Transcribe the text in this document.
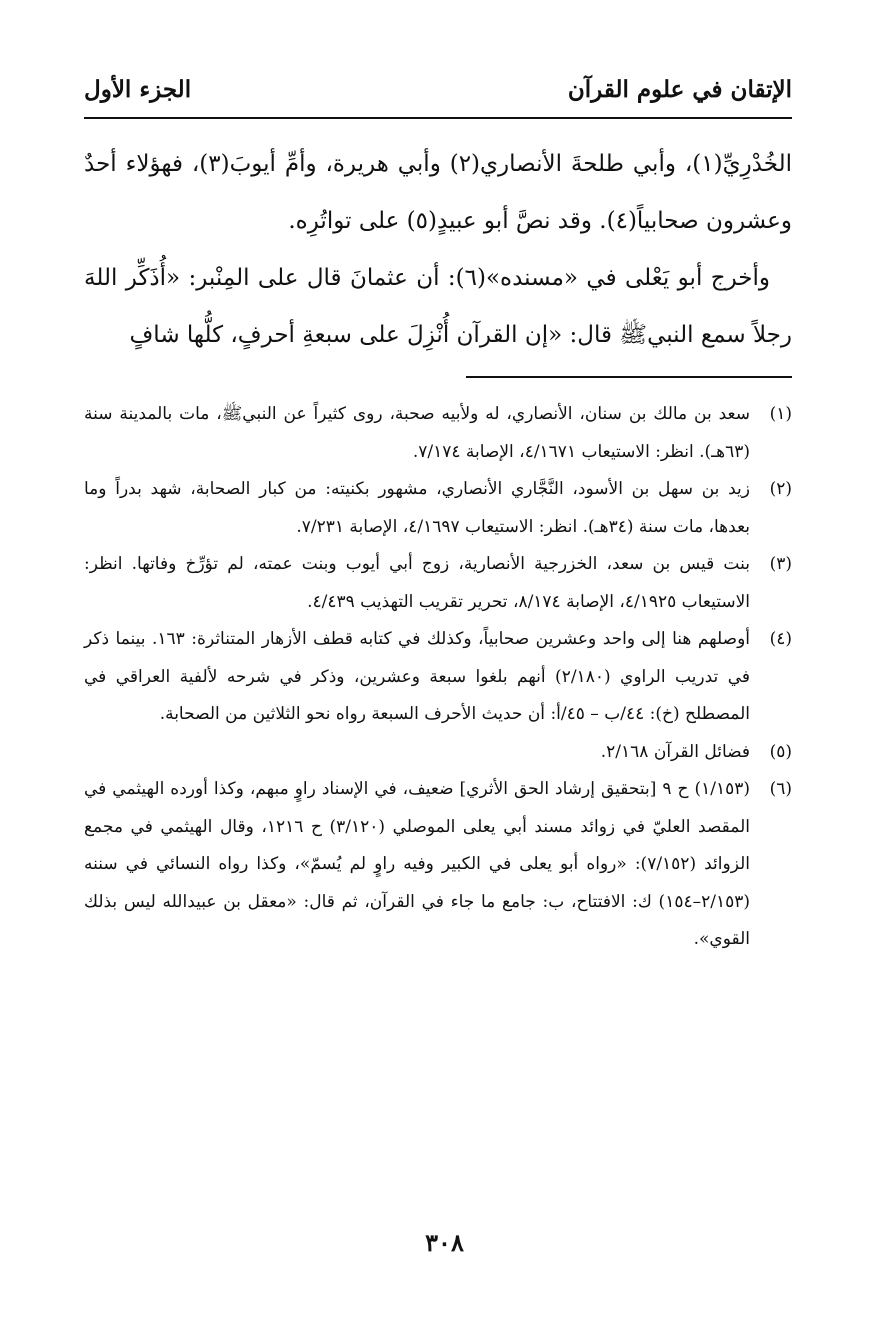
الإتقان في علوم القرآن
الجزء الأول

الخُدْرِيِّ(١)، وأبي طلحةَ الأنصاري(٢) وأبي هريرة، وأمِّ أيوبَ(٣)، فهؤلاء أحدٌ وعشرون صحابياً(٤). وقد نصَّ أبو عبيدٍ(٥) على تواتُرِه.

وأخرج أبو يَعْلى في «مسنده»(٦): أن عثمانَ قال على المِنْبر: «أُذَكِّر اللهَ رجلاً سمع النبيﷺ قال: «إن القرآن أُنْزِلَ على سبعةِ أحرفٍ، كلُّها شافٍ

(١)
سعد بن مالك بن سنان، الأنصاري، له ولأبيه صحبة، روى كثيراً عن النبيﷺ، مات بالمدينة سنة (٦٣هـ). انظر: الاستيعاب ٤/١٦٧١، الإصابة ٧/١٧٤.

(٢)
زيد بن سهل بن الأسود، النَّجَّاري الأنصاري، مشهور بكنيته: من كبار الصحابة، شهد بدراً وما بعدها، مات سنة (٣٤هـ). انظر: الاستيعاب ٤/١٦٩٧، الإصابة ٧/٢٣١.

(٣)
بنت قيس بن سعد، الخزرجية الأنصارية، زوج أبي أيوب وبنت عمته، لم تؤرِّخ وفاتها. انظر: الاستيعاب ٤/١٩٢٥، الإصابة ٨/١٧٤، تحرير تقريب التهذيب ٤/٤٣٩.

(٤)
أوصلهم هنا إلى واحد وعشرين صحابياً، وكذلك في كتابه قطف الأزهار المتناثرة: ١٦٣. بينما ذكر في تدريب الراوي (٢/١٨٠) أنهم بلغوا سبعة وعشرين، وذكر في شرحه لألفية العراقي في المصطلح (خ): ٤٤/ب – ٤٥/أ: أن حديث الأحرف السبعة رواه نحو الثلاثين من الصحابة.

(٥)
فضائل القرآن ٢/١٦٨.

(٦)
(١/١٥٣) ح ٩ [بتحقيق إرشاد الحق الأثري] ضعيف، في الإسناد راوٍ مبهم، وكذا أورده الهيثمي في المقصد العليّ في زوائد مسند أبي يعلى الموصلي (٣/١٢٠) ح ١٢١٦، وقال الهيثمي في مجمع الزوائد (٧/١٥٢): «رواه أبو يعلى في الكبير وفيه راوٍ لم يُسمّ»، وكذا رواه النسائي في سننه (٢/١٥٣–١٥٤) ك: الافتتاح، ب: جامع ما جاء في القرآن، ثم قال: «معقل بن عبيدالله ليس بذلك القوي».

٣٠٨
